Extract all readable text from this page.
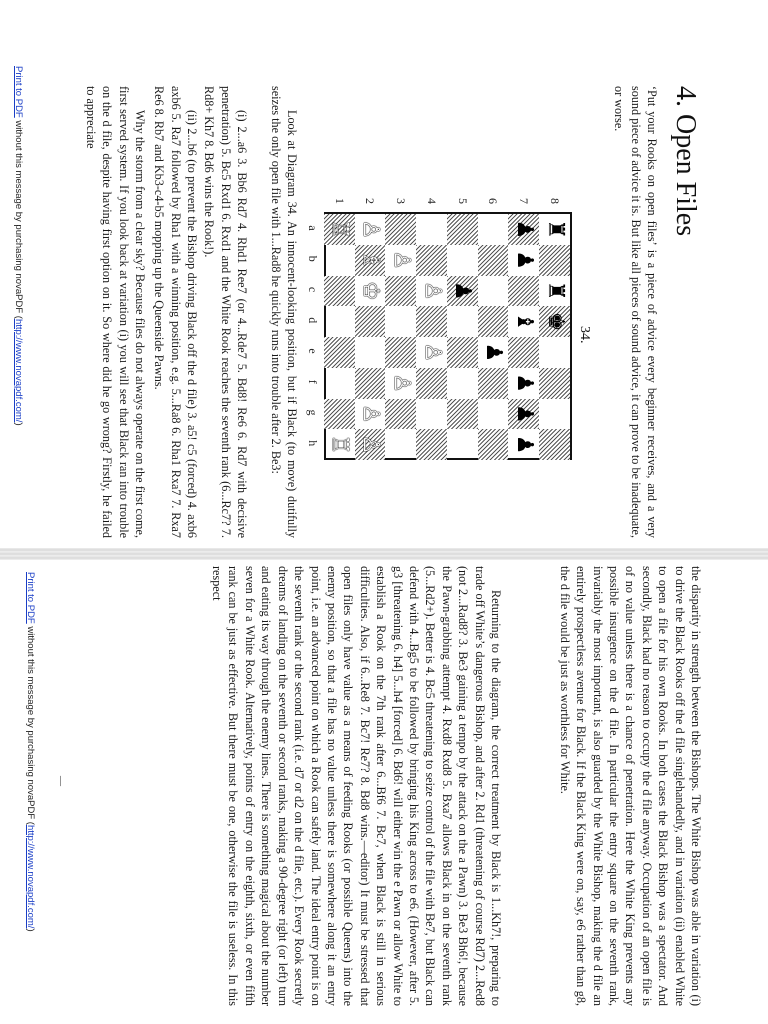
4. Open Files

‘Put your Rooks on open files’ is a piece of advice every beginner receives, and a very sound piece of advice it is. But like all pieces of sound advice, it can prove to be inadequate, or worse.

34.
8
7
6
5
4
3
2
1
♜
♜
♚
♟
♟
♝
♟
♟
♟
♟
♟
♙
♙
♙
♙
♗
♔
♙
♙
♙
♖
♖
a
b
c
d
e
f
g
h

Look at Diagram 34. An innocent-looking position, but if Black (to move) dutifully seizes the only open file with 1...Rad8 he quickly runs into trouble after 2. Be3:

(i) 2...a6 3. Bb6 Rd7 4. Rhd1 Ree7 (or 4...Rde7 5. Bd8! Re6 6. Rd7 with decisive penetration) 5. Bc5 Rxd1 6. Rxd1 and the White Rook reaches the seventh rank (6...Rc7? 7. Rd8+ Kh7 8. Bd6 wins the Rook!).

(ii) 2...b6 (to prevent the Bishop driving Black off the d file) 3. a5! c5 (forced) 4. axb6 axb6 5. Ra7 followed by Rha1 with a winning position, e.g. 5...Ra8 6. Rha1 Rxa7 7. Rxa7 Re6 8. Rb7 and Kb3-c4-b5 mopping up the Queenside Pawns.

Why the storm from a clear sky? Because files do not always operate on the first come, first served system. If you look back at variation (i) you will see that Black ran into trouble on the d file, despite having first option on it. So where did he go wrong? Firstly, he failed to appreciate

Print to PDF without this message by purchasing novaPDF (http://www.novapdf.com/)

the disparity in strength between the Bishops. The White Bishop was able in variation (i) to drive the Black Rooks off the d file singlehandedly, and in variation (ii) enabled White to open a file for his own Rooks. In both cases the Black Bishop was a spectator. And secondly, Black had no reason to occupy the d file anyway. Occupation of an open file is of no value unless there is a chance of penetration. Here the White King prevents any possible insurgence on the d file. In particular the entry square on the seventh rank, invariably the most important, is also guarded by the White Bishop, making the d file an entirely prospectless avenue for Black. If the Black King were on, say, e6 rather than g8, the d file would be just as worthless for White.

Returning to the diagram, the correct treatment by Black is 1...Kh7!, preparing to trade off White’s dangerous Bishop, and after 2. Rd1 (threatening of course Rd7) 2...Red8 (not 2...Rad8? 3. Be3 gaining a tempo by the attack on the a Pawn) 3. Be3 Bh6!, because the Pawn-grabbing attempt 4. Rxd8 Rxd8 5. Bxa7 allows Black in on the seventh rank (5...Rd2+). Better is 4. Bc5 threatening to seize control of the file with Be7, but Black can defend with 4...Bg5 to be followed by bringing his King across to e6. (However, after 5. g3 [threatening 6. h4] 5...h4 [forced] 6. Bd6! will either win the e Pawn or allow White to establish a Rook on the 7th rank after 6...Bf6 7. Bc7, when Black is still in serious difficulties. Also, if 6...Re8 7. Bc7! Re7? 8. Bd8 wins.—editor) It must be stressed that open files only have value as a means of feeding Rooks (or possible Queens) into the enemy position, so that a file has no value unless there is somewhere along it an entry point, i.e. an advanced point on which a Rook can safely land. The ideal entry point is on the seventh rank or the second rank (i.e. d7 or d2 on the d file, etc.). Every Rook secretly dreams of landing on the seventh or second ranks, making a 90-degree right (or left) turn and eating its way through the enemy lines. There is something magical about the number seven for a White Rook. Alternatively, points of entry on the eighth, sixth, or even fifth rank can be just as effective. But there must be one, otherwise the file is useless. In this respect

—
Print to PDF without this message by purchasing novaPDF (http://www.novapdf.com/)
